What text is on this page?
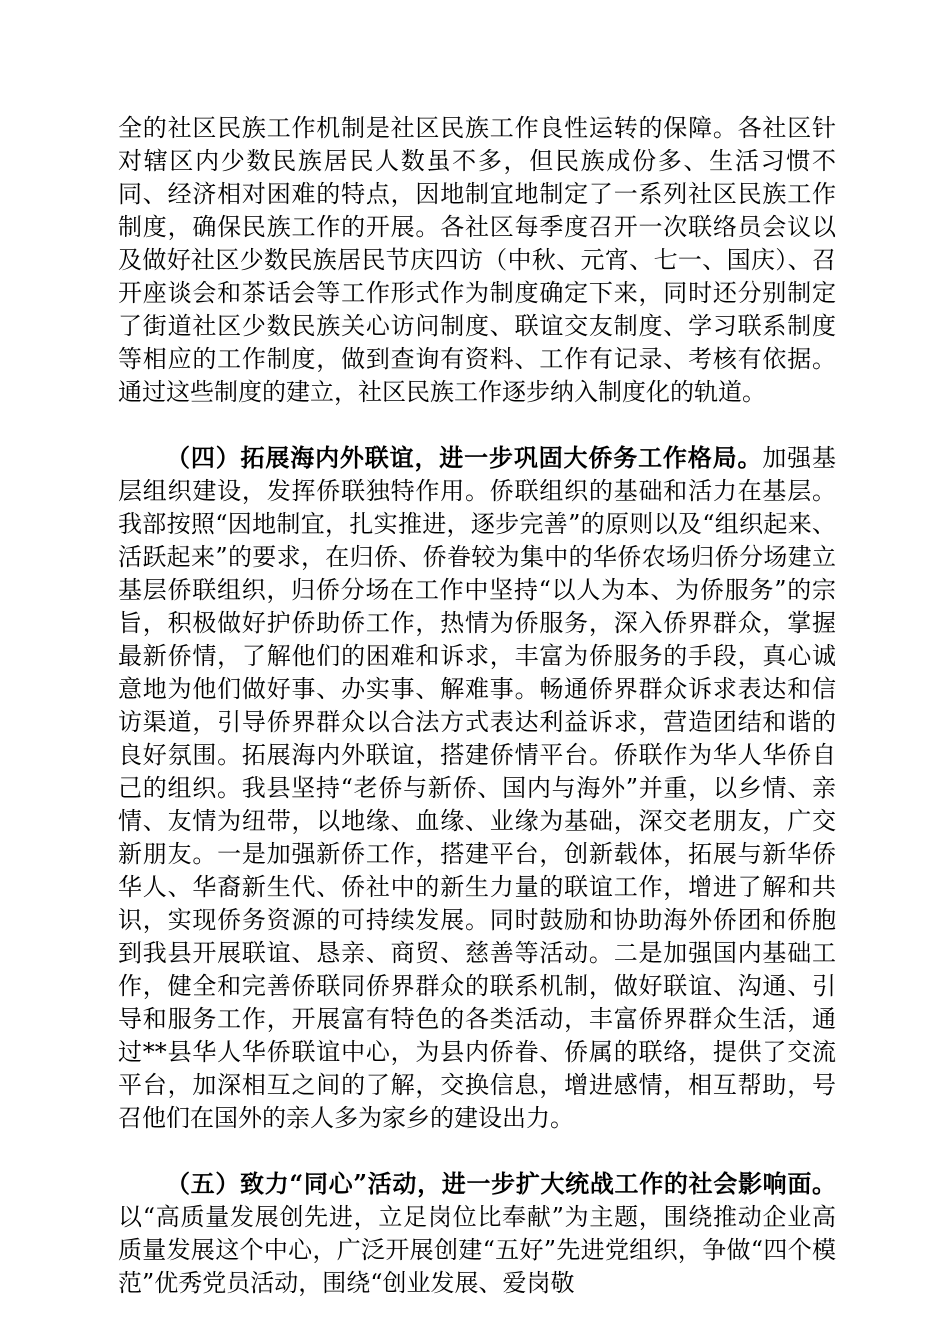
全的社区民族工作机制是社区民族工作良性运转的保障。各社区针对辖区内少数民族居民人数虽不多，但民族成份多、生活习惯不同、经济相对困难的特点，因地制宜地制定了一系列社区民族工作制度，确保民族工作的开展。各社区每季度召开一次联络员会议以及做好社区少数民族居民节庆四访（中秋、元宵、七一、国庆）、召开座谈会和茶话会等工作形式作为制度确定下来，同时还分别制定了街道社区少数民族关心访问制度、联谊交友制度、学习联系制度等相应的工作制度，做到查询有资料、工作有记录、考核有依据。通过这些制度的建立，社区民族工作逐步纳入制度化的轨道。

（四）拓展海内外联谊，进一步巩固大侨务工作格局。加强基层组织建设，发挥侨联独特作用。侨联组织的基础和活力在基层。我部按照“因地制宜，扎实推进，逐步完善”的原则以及“组织起来、活跃起来”的要求，在归侨、侨眷较为集中的华侨农场归侨分场建立基层侨联组织，归侨分场在工作中坚持“以人为本、为侨服务”的宗旨，积极做好护侨助侨工作，热情为侨服务，深入侨界群众，掌握最新侨情，了解他们的困难和诉求，丰富为侨服务的手段，真心诚意地为他们做好事、办实事、解难事。畅通侨界群众诉求表达和信访渠道，引导侨界群众以合法方式表达利益诉求，营造团结和谐的良好氛围。拓展海内外联谊，搭建侨情平台。侨联作为华人华侨自己的组织。我县坚持“老侨与新侨、国内与海外”并重，以乡情、亲情、友情为纽带，以地缘、血缘、业缘为基础，深交老朋友，广交新朋友。一是加强新侨工作，搭建平台，创新载体，拓展与新华侨华人、华裔新生代、侨社中的新生力量的联谊工作，增进了解和共识，实现侨务资源的可持续发展。同时鼓励和协助海外侨团和侨胞到我县开展联谊、恳亲、商贸、慈善等活动。二是加强国内基础工作，健全和完善侨联同侨界群众的联系机制，做好联谊、沟通、引导和服务工作，开展富有特色的各类活动，丰富侨界群众生活，通过**县华人华侨联谊中心，为县内侨眷、侨属的联络，提供了交流平台，加深相互之间的了解，交换信息，增进感情，相互帮助，号召他们在国外的亲人多为家乡的建设出力。

（五）致力“同心”活动，进一步扩大统战工作的社会影响面。以“高质量发展创先进，立足岗位比奉献”为主题，围绕推动企业高质量发展这个中心，广泛开展创建“五好”先进党组织，争做“四个模范”优秀党员活动，围绕“创业发展、爱岗敬
